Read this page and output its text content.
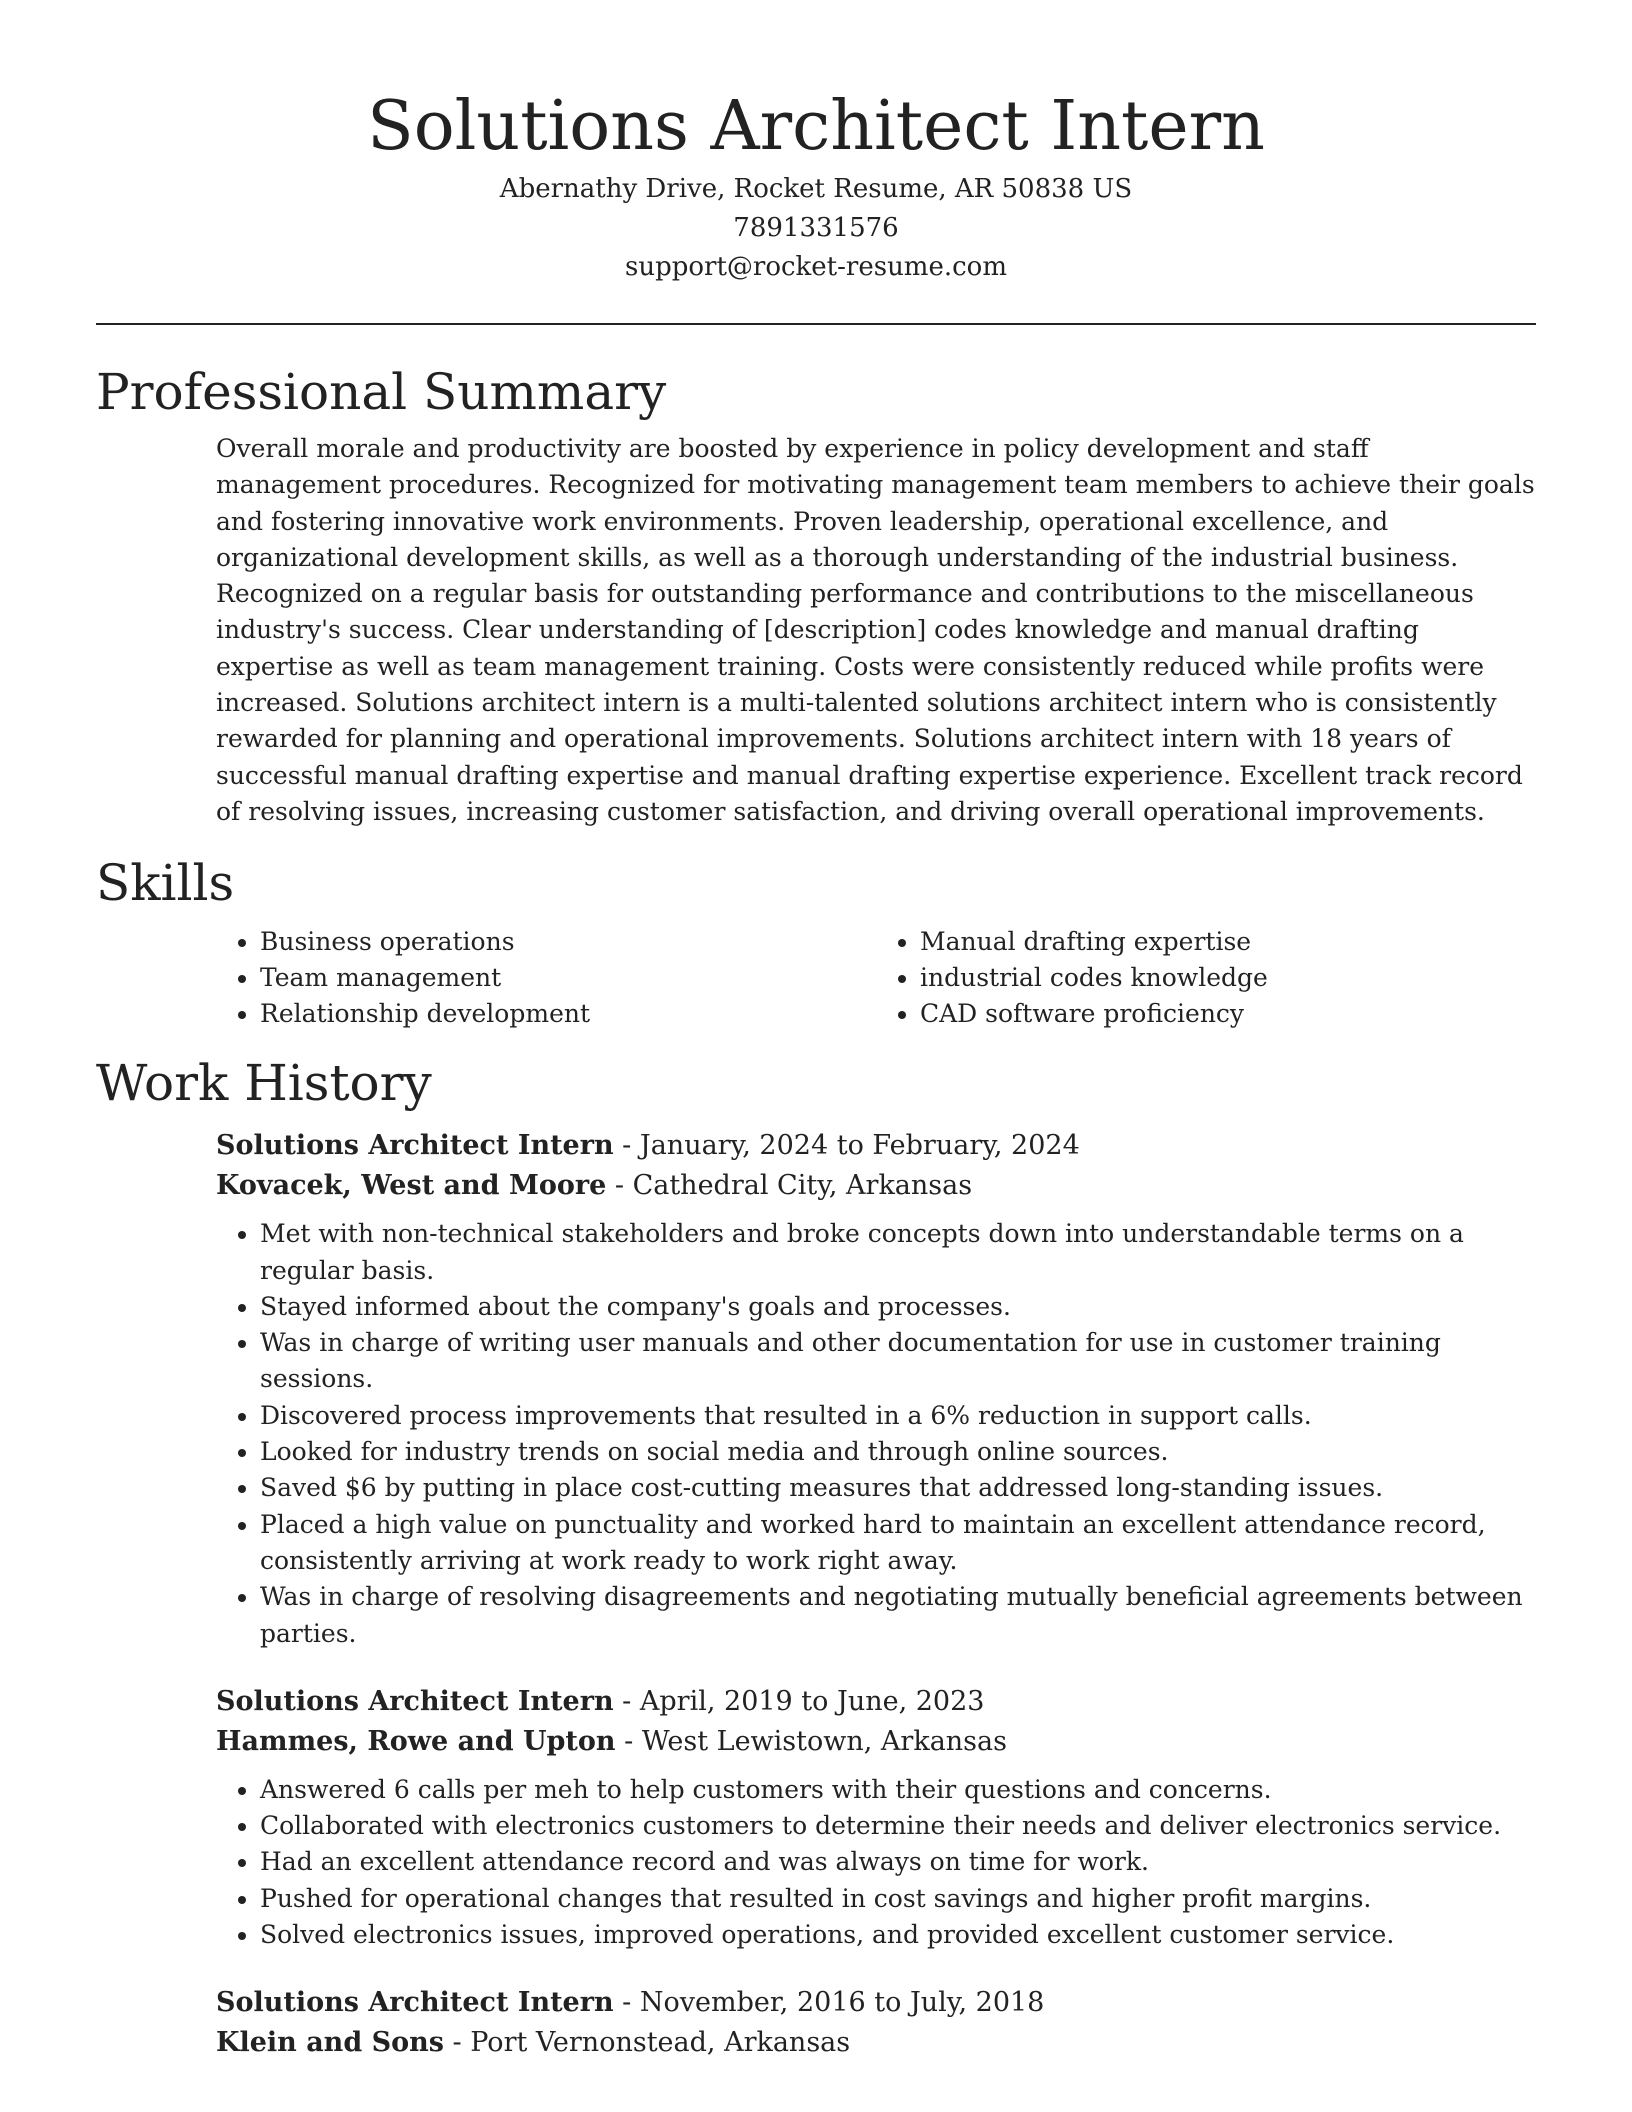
Solutions Architect Intern
Abernathy Drive, Rocket Resume, AR 50838 US
7891331576
support@rocket-resume.com
Professional Summary

Overall morale and productivity are boosted by experience in policy development and staff management procedures. Recognized for motivating management team members to achieve their goals and fostering innovative work environments. Proven leadership, operational excellence, and organizational development skills, as well as a thorough understanding of the industrial business. Recognized on a regular basis for outstanding performance and contributions to the miscellaneous industry's success. Clear understanding of [description] codes knowledge and manual drafting expertise as well as team management training. Costs were consistently reduced while profits were increased. Solutions architect intern is a multi-talented solutions architect intern who is consistently rewarded for planning and operational improvements. Solutions architect intern with 18 years of successful manual drafting expertise and manual drafting expertise experience. Excellent track record of resolving issues, increasing customer satisfaction, and driving overall operational improvements.

Skills
• Business operations
• Team management
• Relationship development
• Manual drafting expertise
• industrial codes knowledge
• CAD software proficiency
Work History
Solutions Architect Intern - January, 2024 to February, 2024
Kovacek, West and Moore - Cathedral City, Arkansas
• Met with non-technical stakeholders and broke concepts down into understandable terms on a regular basis.
• Stayed informed about the company's goals and processes.
• Was in charge of writing user manuals and other documentation for use in customer training sessions.
• Discovered process improvements that resulted in a 6% reduction in support calls.
• Looked for industry trends on social media and through online sources.
• Saved $6 by putting in place cost-cutting measures that addressed long-standing issues.
• Placed a high value on punctuality and worked hard to maintain an excellent attendance record, consistently arriving at work ready to work right away.
• Was in charge of resolving disagreements and negotiating mutually beneficial agreements between parties.
Solutions Architect Intern - April, 2019 to June, 2023
Hammes, Rowe and Upton - West Lewistown, Arkansas
• Answered 6 calls per meh to help customers with their questions and concerns.
• Collaborated with electronics customers to determine their needs and deliver electronics service.
• Had an excellent attendance record and was always on time for work.
• Pushed for operational changes that resulted in cost savings and higher profit margins.
• Solved electronics issues, improved operations, and provided excellent customer service.
Solutions Architect Intern - November, 2016 to July, 2018
Klein and Sons - Port Vernonstead, Arkansas
